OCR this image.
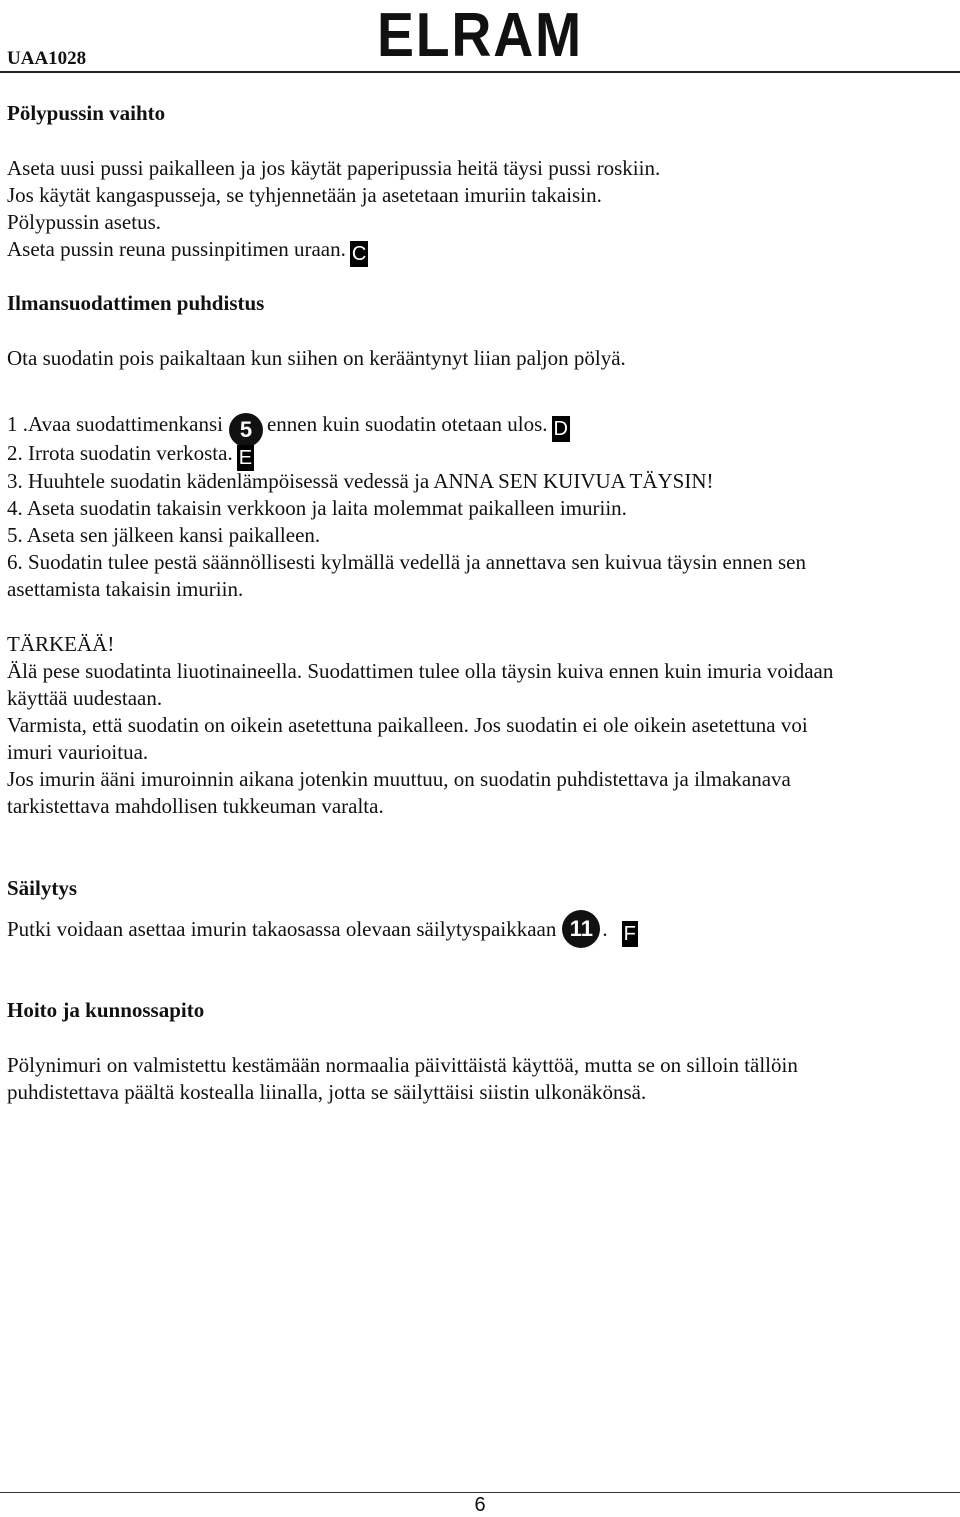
UAA1028	ELRAM
Pölypussin vaihto
Aseta uusi pussi paikalleen ja jos käytät paperipussia heitä täysi pussi roskiin.
Jos käytät kangaspusseja, se tyhjennetään ja asetetaan imuriin takaisin.
Pölypussin asetus.
Aseta pussin reuna pussinpitimen uraan. C
Ilmansuodattimen puhdistus
Ota suodatin pois paikaltaan kun siihen on kerääntynyt liian paljon pölyä.
1 .Avaa suodattimenkansi 5 ennen kuin suodatin otetaan ulos. D
2. Irrota suodatin verkosta. E
3. Huuhtele suodatin kädenlämpöisessä vedessä ja ANNA SEN KUIVUA TÄYSIN!
4. Aseta suodatin takaisin verkkoon ja laita molemmat paikalleen imuriin.
5. Aseta sen jälkeen kansi paikalleen.
6. Suodatin tulee pestä säännöllisesti kylmällä vedellä ja annettava sen kuivua täysin ennen sen
asettamista takaisin imuriin.
TÄRKEÄÄ!
Älä pese suodatinta liuotinaineella. Suodattimen tulee olla täysin kuiva ennen kuin imuria voidaan
käyttää uudestaan.
Varmista, että suodatin on oikein asetettuna paikalleen. Jos suodatin ei ole oikein asetettuna voi
imuri vaurioitua.
Jos imurin ääni imuroinnin aikana jotenkin muuttuu, on suodatin puhdistettava ja ilmakanava
tarkistettava mahdollisen tukkeuman varalta.
Säilytys
Putki voidaan asettaa imurin takaosassa olevaan säilytyspaikkaan 11 . F
Hoito ja kunnossapito
Pölynimuri on valmistettu kestämään normaalia päivittäistä käyttöä, mutta se on silloin tällöin
puhdistettava päältä kostealla liinalla, jotta se säilyttäisi siistin ulkonäkönsä.
6
